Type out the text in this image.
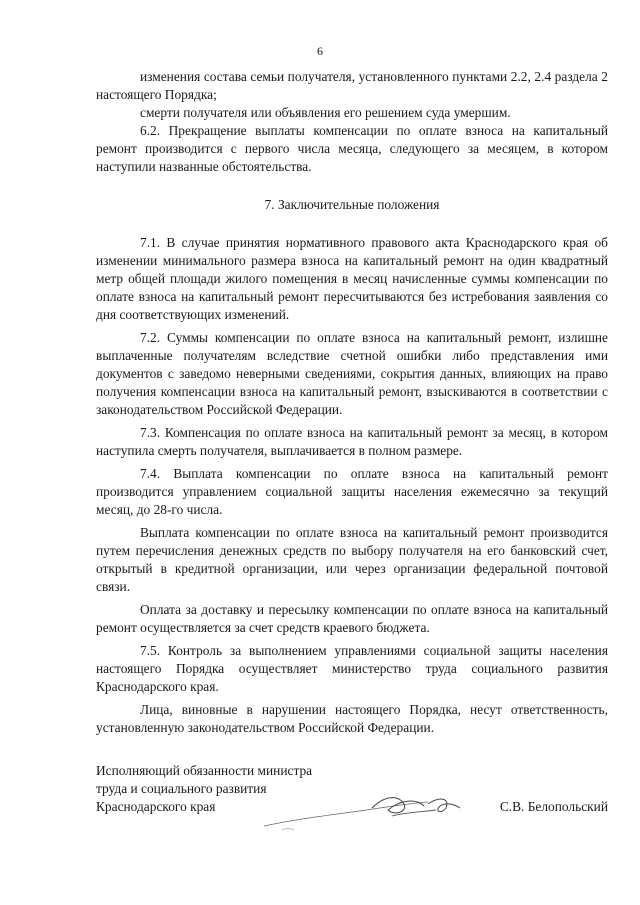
6

изменения состава семьи получателя, установленного пунктами 2.2, 2.4 раздела 2 настоящего Порядка;

смерти получателя или объявления его решением суда умершим.

6.2. Прекращение выплаты компенсации по оплате взноса на капитальный ремонт производится с первого числа месяца, следующего за месяцем, в котором наступили названные обстоятельства.

7. Заключительные положения

7.1. В случае принятия нормативного правового акта Краснодарского края об изменении минимального размера взноса на капитальный ремонт на один квадратный метр общей площади жилого помещения в месяц начисленные суммы компенсации по оплате взноса на капитальный ремонт пересчитываются без истребования заявления со дня соответствующих изменений.

7.2. Суммы компенсации по оплате взноса на капитальный ремонт, излишне выплаченные получателям вследствие счетной ошибки либо представления ими документов с заведомо неверными сведениями, сокрытия данных, влияющих на право получения компенсации взноса на капитальный ремонт, взыскиваются в соответствии с законодательством Российской Федерации.

7.3. Компенсация по оплате взноса на капитальный ремонт за месяц, в котором наступила смерть получателя, выплачивается в полном размере.

7.4. Выплата компенсации по оплате взноса на капитальный ремонт производится управлением социальной защиты населения ежемесячно за текущий месяц, до 28-го числа.

Выплата компенсации по оплате взноса на капитальный ремонт производится путем перечисления денежных средств по выбору получателя на его банковский счет, открытый в кредитной организации, или через организации федеральной почтовой связи.

Оплата за доставку и пересылку компенсации по оплате взноса на капитальный ремонт осуществляется за счет средств краевого бюджета.

7.5. Контроль за выполнением управлениями социальной защиты населения настоящего Порядка осуществляет министерство труда социального развития Краснодарского края.

Лица, виновные в нарушении настоящего Порядка, несут ответственность, установленную законодательством Российской Федерации.

Исполняющий обязанности министра
труда и социального развития
Краснодарского края	С.В. Белопольский
